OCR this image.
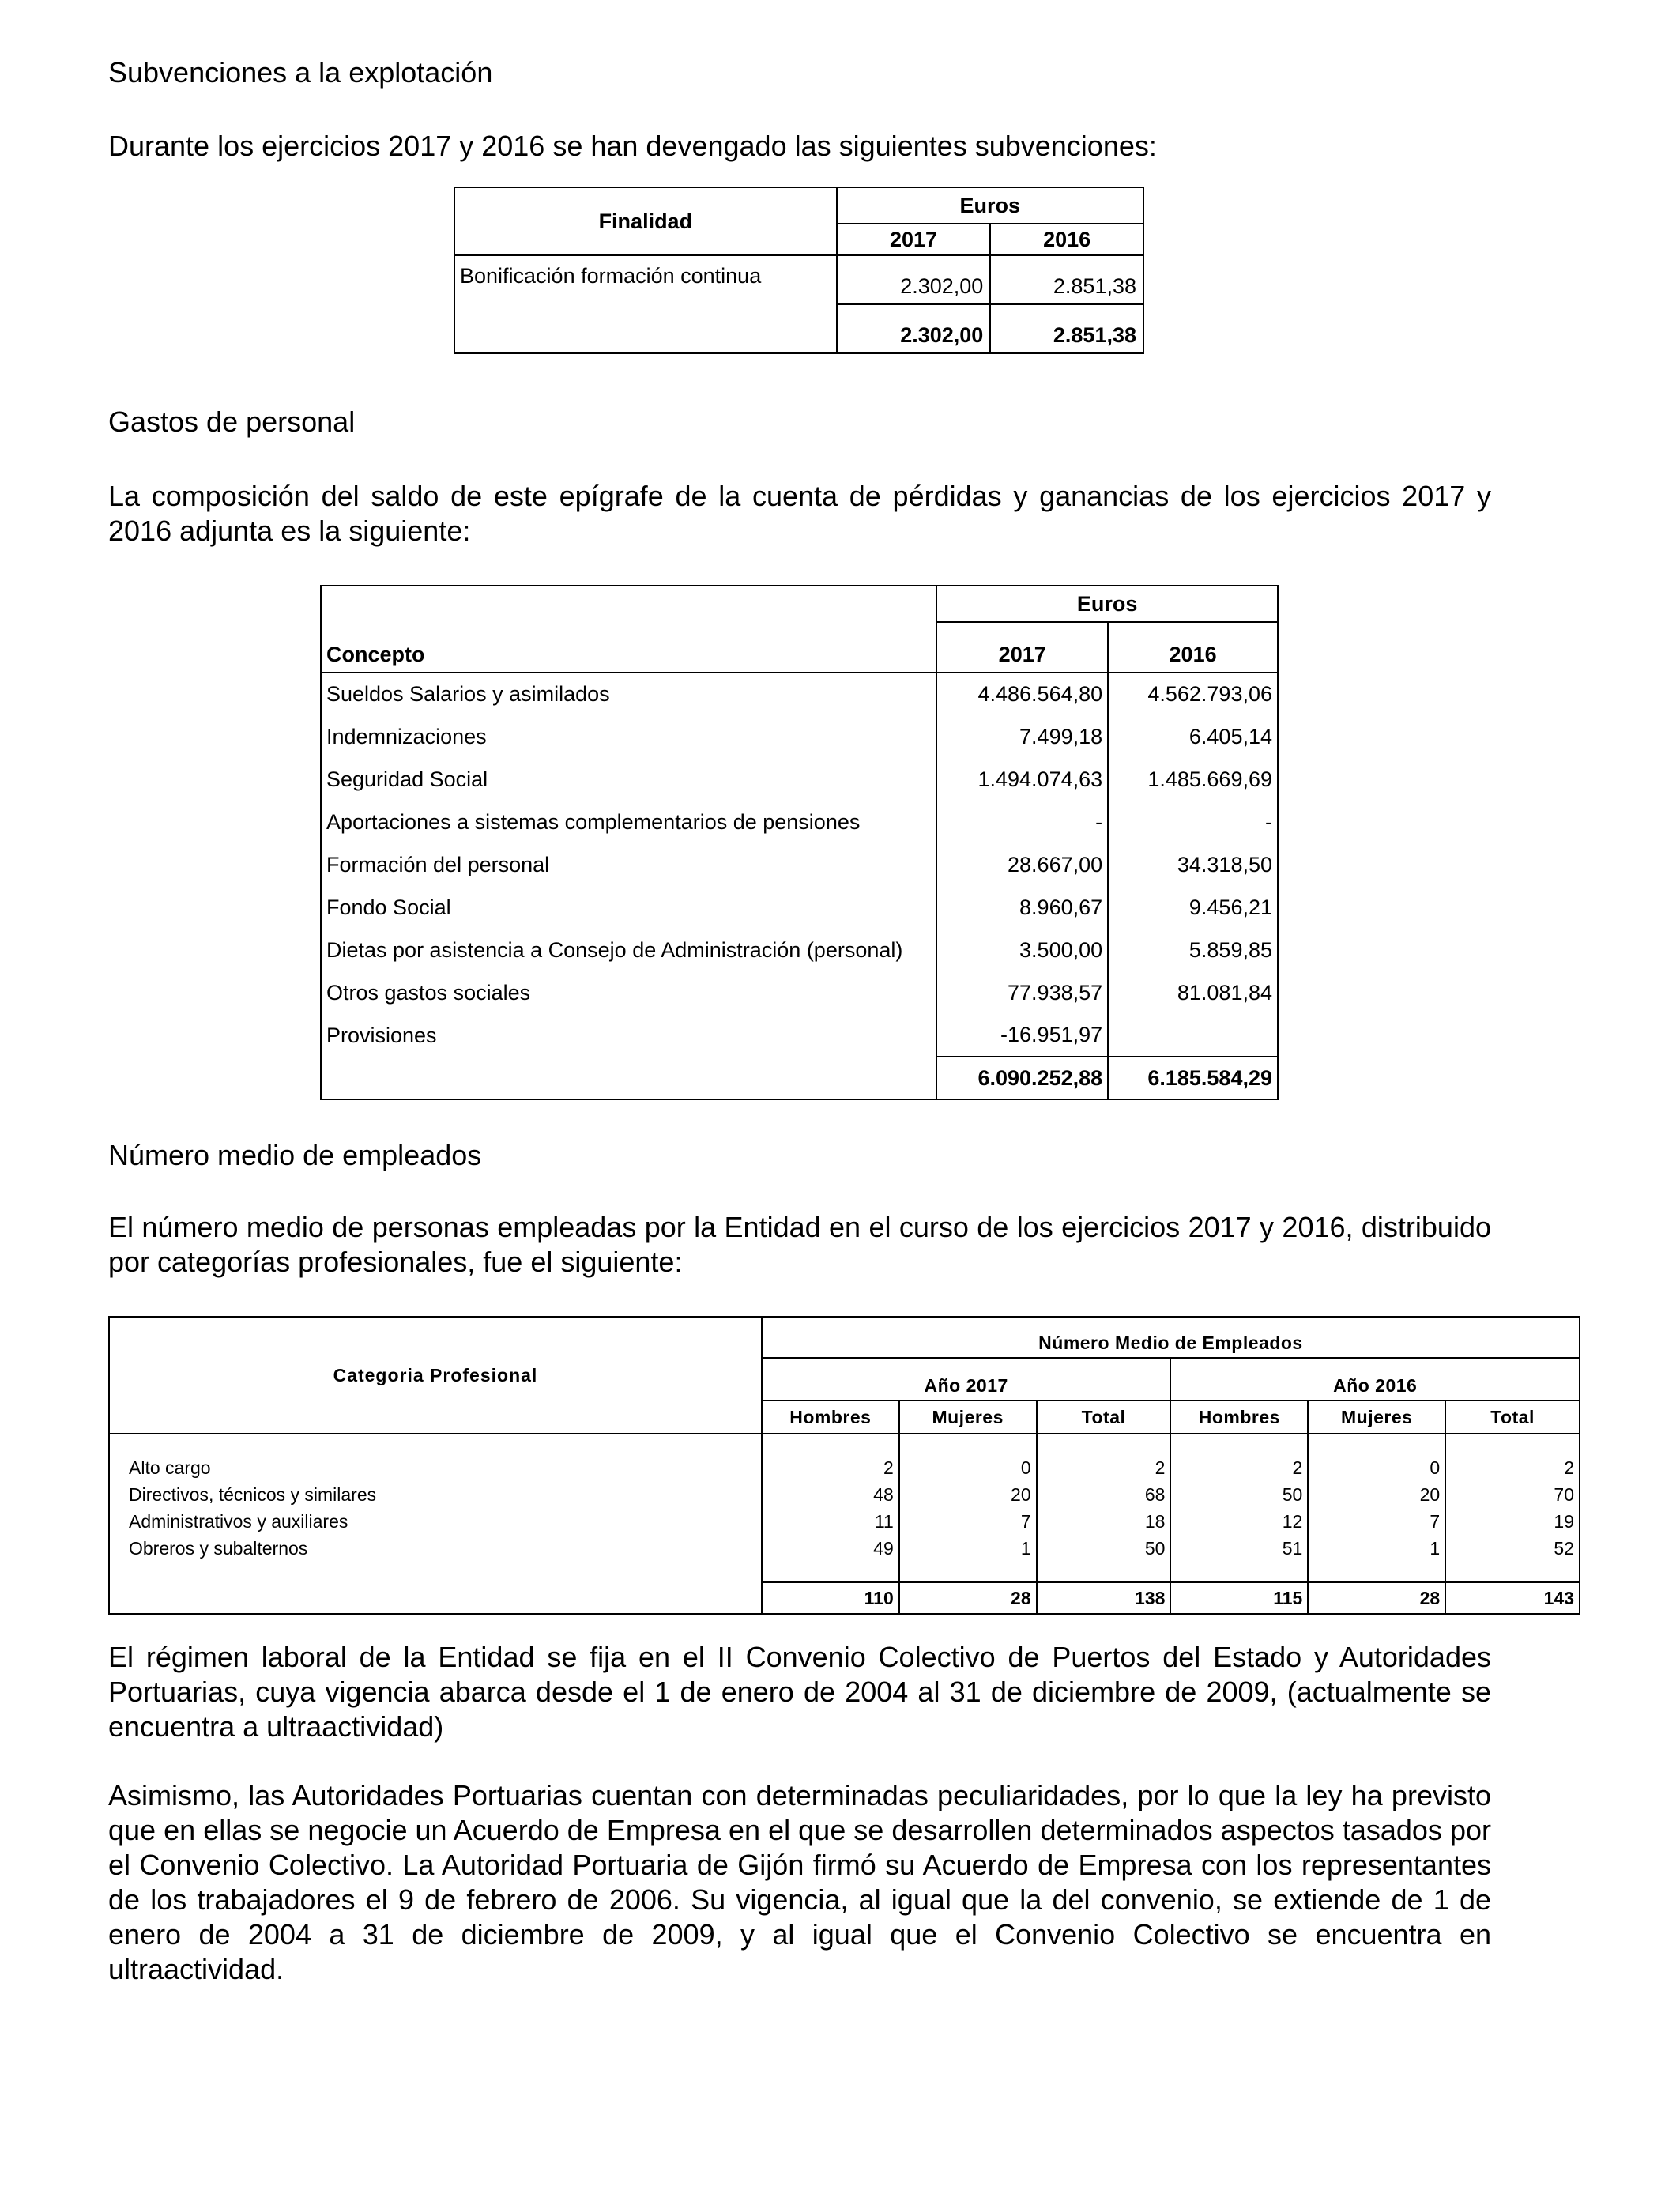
Subvenciones a la explotación
Durante los ejercicios 2017 y 2016 se han devengado las siguientes subvenciones:
Finalidad	Euros	
	2017	2016
Bonificación formación continua	2.302,00	2.851,38
	2.302,00	2.851,38
Gastos de personal
La composición del saldo de este epígrafe de la cuenta de pérdidas y ganancias de los ejercicios 2017 y 2016 adjunta es la siguiente:
	Euros	
Concepto	2017	2016
Sueldos Salarios y asimilados	4.486.564,80	4.562.793,06
Indemnizaciones	7.499,18	6.405,14
Seguridad Social	1.494.074,63	1.485.669,69
Aportaciones a sistemas complementarios de pensiones	-	-
Formación del personal	28.667,00	34.318,50
Fondo Social	8.960,67	9.456,21
Dietas por asistencia a Consejo de Administración (personal)	3.500,00	5.859,85
Otros gastos sociales	77.938,57	81.081,84
Provisiones	-16.951,97	
	6.090.252,88	6.185.584,29
Número medio de empleados
El número medio de personas empleadas por la Entidad en el curso de los ejercicios 2017 y 2016, distribuido por categorías profesionales, fue el siguiente:
Categoria Profesional	Número Medio de Empleados					
	Año 2017			Año 2016		
	Hombres	Mujeres	Total	Hombres	Mujeres	Total

Alto cargo	2	0	2	2	0	2
Directivos, técnicos y similares	48	20	68	50	20	70
Administrativos y auxiliares	11	7	18	12	7	19
Obreros y subalternos	49	1	50	51	1	52

	110	28	138	115	28	143
El régimen laboral de la Entidad se fija en el II Convenio Colectivo de Puertos del Estado y Autoridades Portuarias, cuya vigencia abarca desde el 1 de enero de 2004 al 31 de diciembre de 2009, (actualmente se encuentra a ultraactividad)
Asimismo, las Autoridades Portuarias cuentan con determinadas peculiaridades, por lo que la ley ha previsto que en ellas se negocie un Acuerdo de Empresa en el que se desarrollen determinados aspectos tasados por el Convenio Colectivo. La Autoridad Portuaria de Gijón firmó su Acuerdo de Empresa con los representantes de los trabajadores el 9 de febrero de 2006. Su vigencia, al igual que la del convenio, se extiende de 1 de enero de 2004 a 31 de diciembre de 2009, y al igual que el Convenio Colectivo se encuentra en ultraactividad.
